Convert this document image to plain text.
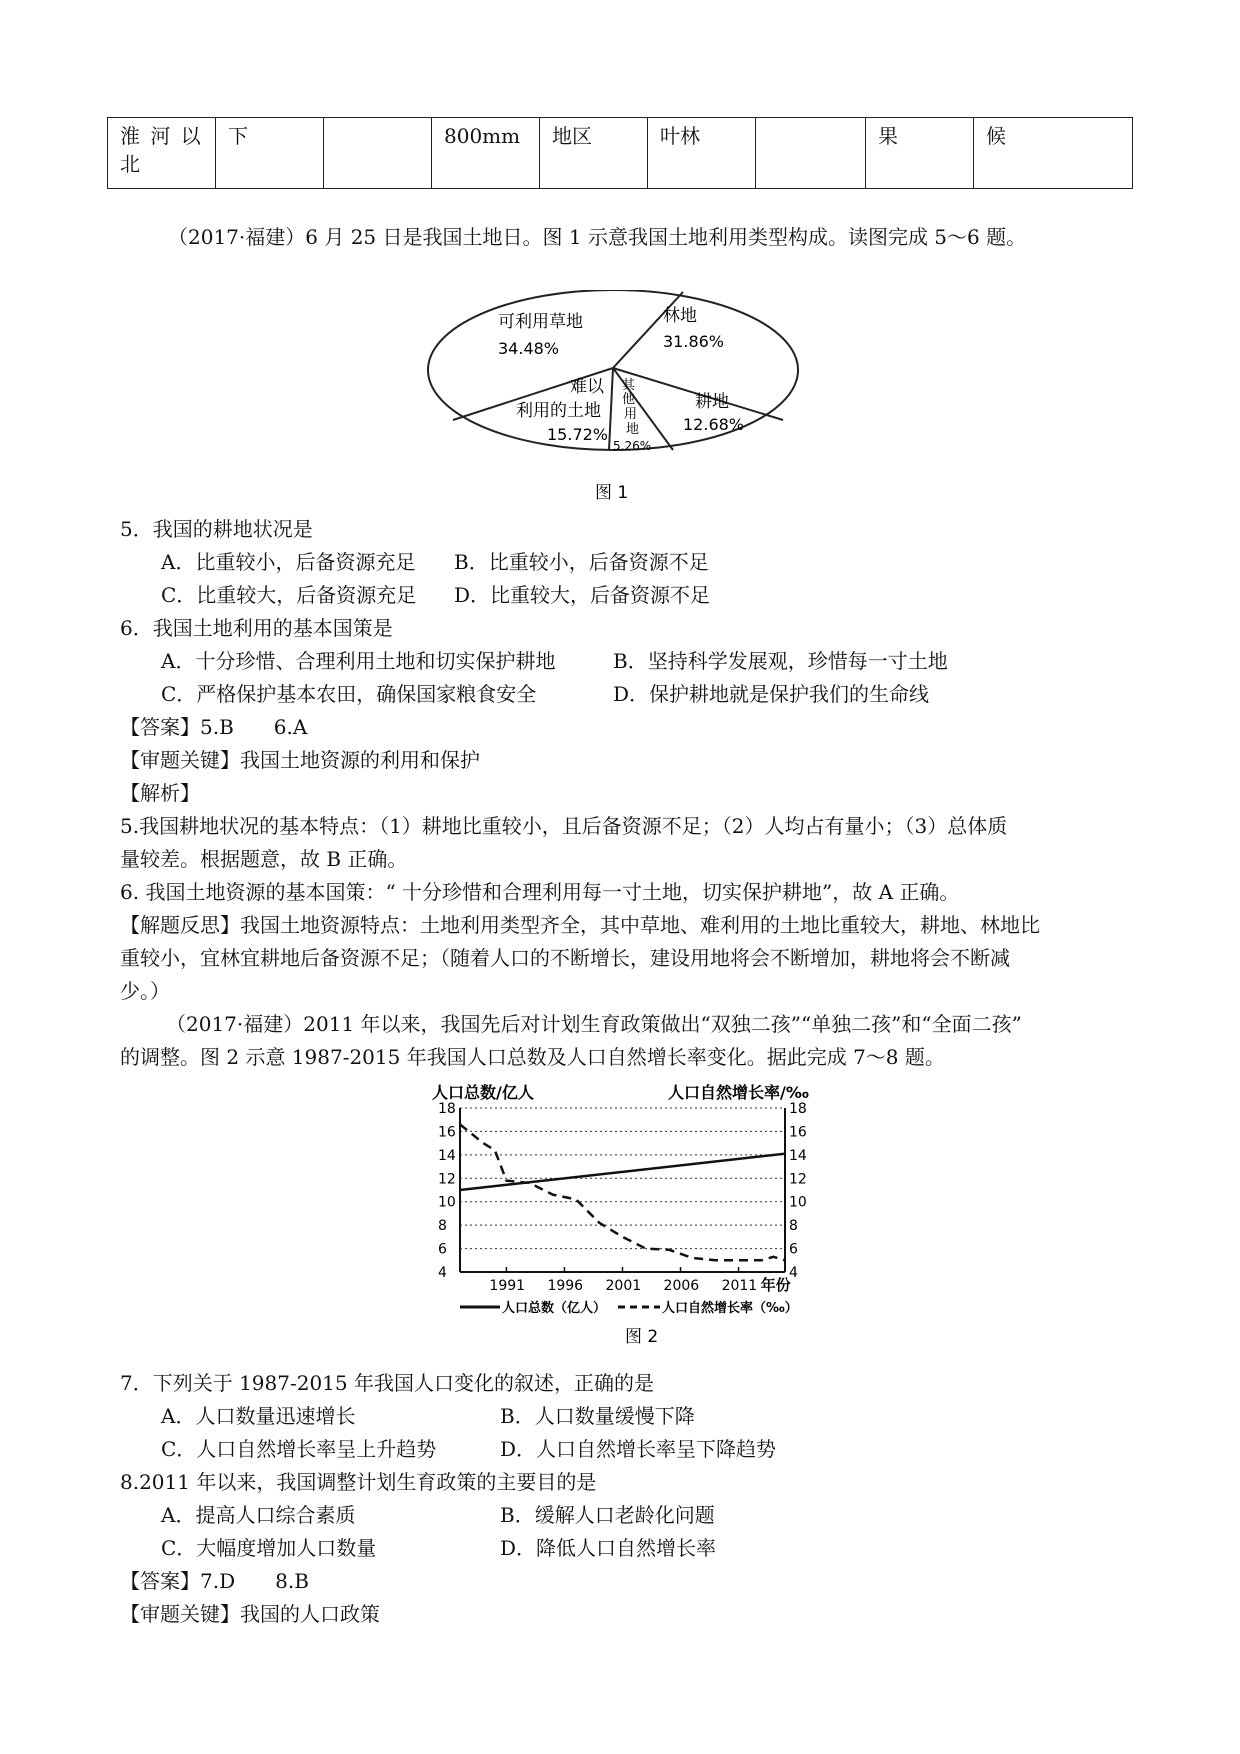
淮 河 以 北	下		800mm	地区	叶林		果	候
（2017·福建）6 月 25 日是我国土地日。图 1 示意我国土地利用类型构成。读图完成 5～6 题。
可利用草地
34.48%
林地
31.86%
耕地
12.68%
其
他
用
地
5.26%
难以
利用的土地
15.72%
图 1
5．我国的耕地状况是
A．比重较小，后备资源充足 B．比重较小，后备资源不足
C．比重较大，后备资源充足 D．比重较大，后备资源不足
6．我国土地利用的基本国策是
A．十分珍惜、合理利用土地和切实保护耕地	B．坚持科学发展观，珍惜每一寸土地
C．严格保护基本农田，确保国家粮食安全	D．保护耕地就是保护我们的生命线
【答案】5.B　　6.A
【审题关键】我国土地资源的利用和保护
【解析】
5.我国耕地状况的基本特点：（1）耕地比重较小，且后备资源不足；（2）人均占有量小；（3）总体质
量较差。根据题意，故 B 正确。
6. 我国土地资源的基本国策：“ 十分珍惜和合理利用每一寸土地，切实保护耕地”，故 A 正确。
【解题反思】我国土地资源特点：土地利用类型齐全，其中草地、难利用的土地比重较大，耕地、林地比
重较小，宜林宜耕地后备资源不足；（随着人口的不断增长，建设用地将会不断增加，耕地将会不断减
少。）
（2017·福建）2011 年以来，我国先后对计划生育政策做出“双独二孩”“单独二孩”和“全面二孩”
的调整。图 2 示意 1987-2015 年我国人口总数及人口自然增长率变化。据此完成 7～8 题。
人口总数/亿人	人口自然增长率/‰
4	4
6	6
8	8
10	10
12	12
14	14
16	16
18	18
1991 1996 2001 2006 2011 年份
人口总数（亿人）	人口自然增长率（‰）
图 2
7．下列关于 1987-2015 年我国人口变化的叙述，正确的是
A．人口数量迅速增长	B．人口数量缓慢下降
C．人口自然增长率呈上升趋势	D．人口自然增长率呈下降趋势
8.2011 年以来，我国调整计划生育政策的主要目的是
A．提高人口综合素质	B．缓解人口老龄化问题
C．大幅度增加人口数量	D．降低人口自然增长率
【答案】7.D　　8.B
【审题关键】我国的人口政策
